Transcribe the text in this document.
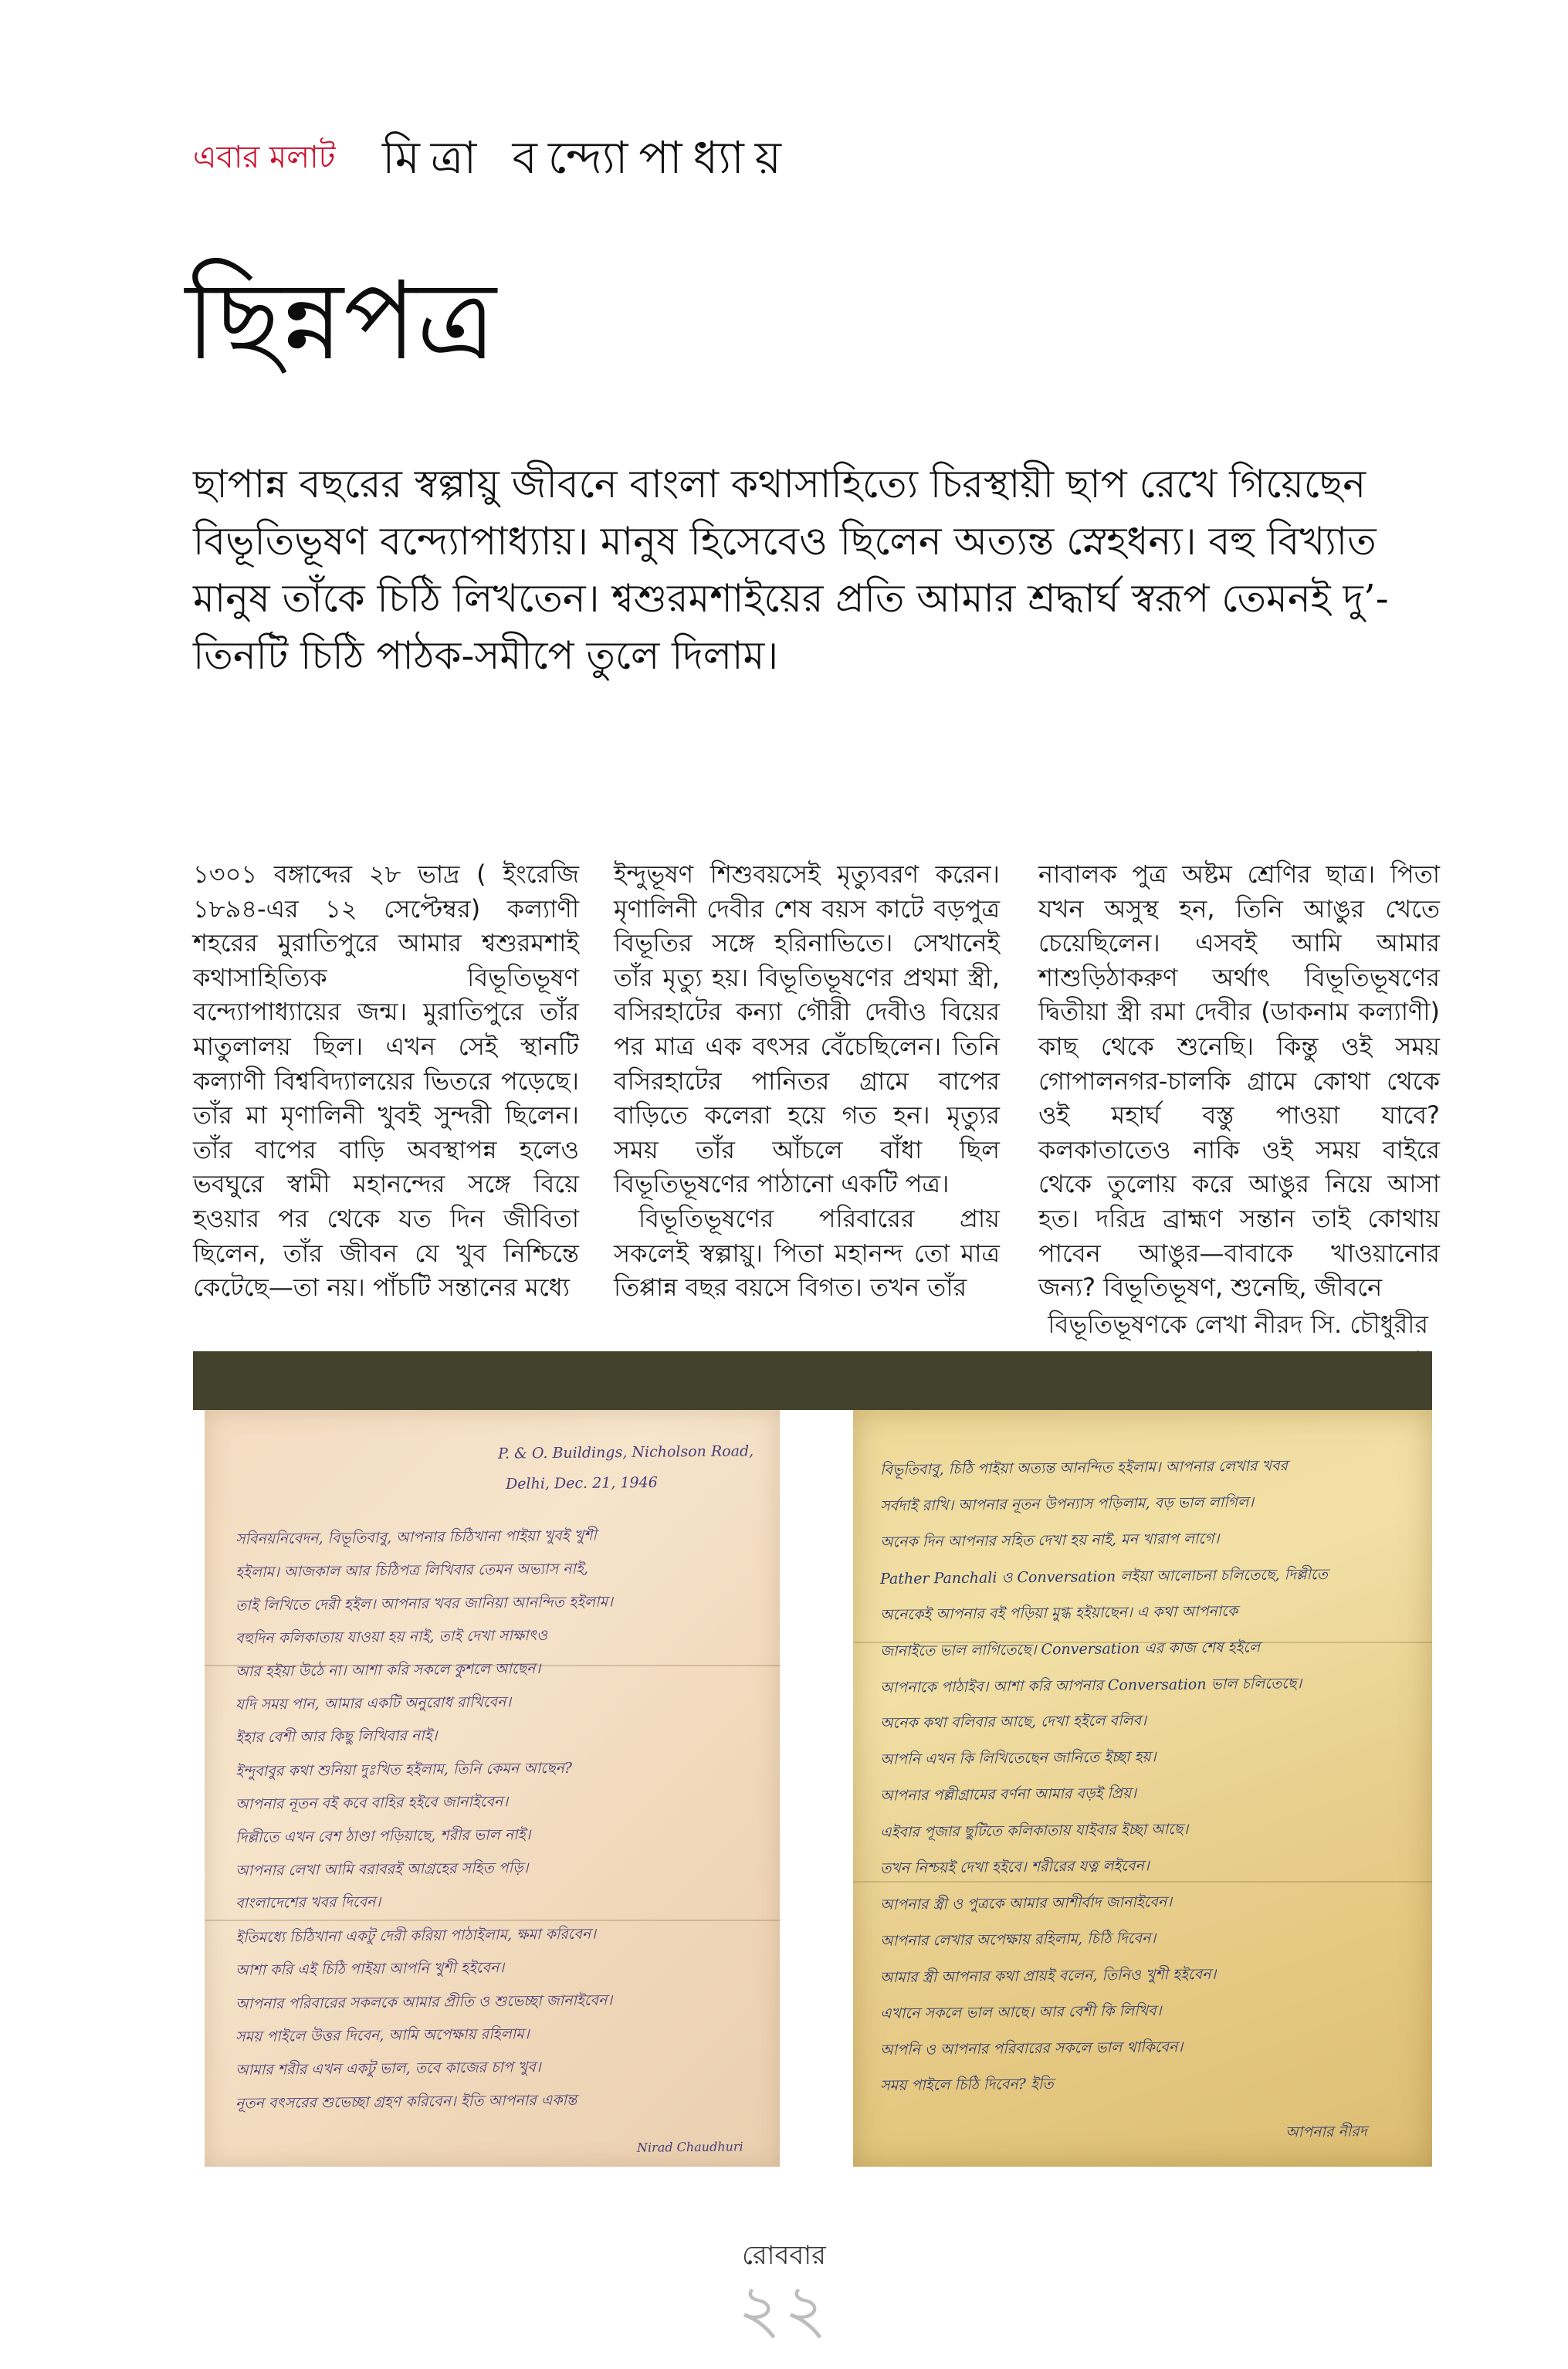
এবার মলাট মিত্রা বন্দ্যোপাধ্যায়
ছিন্নপত্র
ছাপান্ন বছরের স্বল্পায়ু জীবনে বাংলা কথাসাহিত্যে চিরস্থায়ী ছাপ রেখে গিয়েছেন বিভূতিভূষণ বন্দ্যোপাধ্যায়। মানুষ হিসেবেও ছিলেন অত্যন্ত স্নেহধন্য। বহু বিখ্যাত মানুষ তাঁকে চিঠি লিখতেন। শ্বশুরমশাইয়ের প্রতি আমার শ্রদ্ধার্ঘ স্বরূপ তেমনই দু’-তিনটি চিঠি পাঠক-সমীপে তুলে দিলাম।

১৩০১ বঙ্গাব্দের ২৮ ভাদ্র ( ইংরেজি ১৮৯৪-এর ১২ সেপ্টেম্বর) কল্যাণী শহরের মুরাতিপুরে আমার শ্বশুরমশাই কথাসাহিত্যিক বিভূতিভূষণ বন্দ্যোপাধ্যায়ের জন্ম। মুরাতিপুরে তাঁর মাতুলালয় ছিল। এখন সেই স্থানটি কল্যাণী বিশ্ববিদ্যালয়ের ভিতরে পড়েছে। তাঁর মা মৃণালিনী খুবই সুন্দরী ছিলেন। তাঁর বাপের বাড়ি অবস্থাপন্ন হলেও ভবঘুরে স্বামী মহানন্দের সঙ্গে বিয়ে হওয়ার পর থেকে যত দিন জীবিতা ছিলেন, তাঁর জীবন যে খুব নিশ্চিন্তে কেটেছে—তা নয়। পাঁচটি সন্তানের মধ্যে

ইন্দুভূষণ শিশুবয়সেই মৃত্যুবরণ করেন। মৃণালিনী দেবীর শেষ বয়স কাটে বড়পুত্র বিভূতির সঙ্গে হরিনাভিতে। সেখানেই তাঁর মৃত্যু হয়। বিভূতিভূষণের প্রথমা স্ত্রী, বসিরহাটের কন্যা গৌরী দেবীও বিয়ের পর মাত্র এক বৎসর বেঁচেছিলেন। তিনি বসিরহাটের পানিতর গ্রামে বাপের বাড়িতে কলেরা হয়ে গত হন। মৃত্যুর সময় তাঁর আঁচলে বাঁধা ছিল বিভূতিভূষণের পাঠানো একটি পত্র।

বিভূতিভূষণের পরিবারের প্রায় সকলেই স্বল্পায়ু। পিতা মহানন্দ তো মাত্র তিপ্পান্ন বছর বয়সে বিগত। তখন তাঁর

নাবালক পুত্র অষ্টম শ্রেণির ছাত্র। পিতা যখন অসুস্থ হন, তিনি আঙুর খেতে চেয়েছিলেন। এসবই আমি আমার শাশুড়িঠাকরুণ অর্থাৎ বিভূতিভূষণের দ্বিতীয়া স্ত্রী রমা দেবীর (ডাকনাম কল্যাণী) কাছ থেকে শুনেছি। কিন্তু ওই সময় গোপালনগর-চালকি গ্রামে কোথা থেকে ওই মহার্ঘ বস্তু পাওয়া যাবে? কলকাতাতেও নাকি ওই সময় বাইরে থেকে তুলোয় করে আঙুর নিয়ে আসা হত। দরিদ্র ব্রাহ্মণ সন্তান তাই কোথায় পাবেন আঙুর—বাবাকে খাওয়ানোর জন্য? বিভূতিভূষণ, শুনেছি, জীবনে

বিভূতিভূষণকে লেখা নীরদ সি. চৌধুরীর
P. & O. Buildings, Nicholson Road,
Delhi, Dec. 21, 1946
সবিনয়নিবেদন, বিভূতিবাবু, আপনার চিঠিখানা পাইয়া খুবই খুশী
হইলাম। আজকাল আর চিঠিপত্র লিখিবার তেমন অভ্যাস নাই,
তাই লিখিতে দেরী হইল। আপনার খবর জানিয়া আনন্দিত হইলাম।
বহুদিন কলিকাতায় যাওয়া হয় নাই, তাই দেখা সাক্ষাৎও
আর হইয়া উঠে না। আশা করি সকলে কুশলে আছেন।
যদি সময় পান, আমার একটি অনুরোধ রাখিবেন।
ইহার বেশী আর কিছু লিখিবার নাই।
ইন্দুবাবুর কথা শুনিয়া দুঃখিত হইলাম, তিনি কেমন আছেন?
আপনার নূতন বই কবে বাহির হইবে জানাইবেন।
দিল্লীতে এখন বেশ ঠাণ্ডা পড়িয়াছে, শরীর ভাল নাই।
আপনার লেখা আমি বরাবরই আগ্রহের সহিত পড়ি।
বাংলাদেশের খবর দিবেন।
ইতিমধ্যে চিঠিখানা একটু দেরী করিয়া পাঠাইলাম, ক্ষমা করিবেন।
আশা করি এই চিঠি পাইয়া আপনি খুশী হইবেন।
আপনার পরিবারের সকলকে আমার প্রীতি ও শুভেচ্ছা জানাইবেন।
সময় পাইলে উত্তর দিবেন, আমি অপেক্ষায় রহিলাম।
আমার শরীর এখন একটু ভাল, তবে কাজের চাপ খুব।
নূতন বৎসরের শুভেচ্ছা গ্রহণ করিবেন। ইতি আপনার একান্ত
Nirad Chaudhuri
বিভূতিবাবু, চিঠি পাইয়া অত্যন্ত আনন্দিত হইলাম। আপনার লেখার খবর
সর্বদাই রাখি। আপনার নূতন উপন্যাস পড়িলাম, বড় ভাল লাগিল।
অনেক দিন আপনার সহিত দেখা হয় নাই, মন খারাপ লাগে।
Pather Panchali ও Conversation লইয়া আলোচনা চলিতেছে, দিল্লীতে
অনেকেই আপনার বই পড়িয়া মুগ্ধ হইয়াছেন। এ কথা আপনাকে
জানাইতে ভাল লাগিতেছে। Conversation এর কাজ শেষ হইলে
আপনাকে পাঠাইব। আশা করি আপনার Conversation ভাল চলিতেছে।
অনেক কথা বলিবার আছে, দেখা হইলে বলিব।
আপনি এখন কি লিখিতেছেন জানিতে ইচ্ছা হয়।
আপনার পল্লীগ্রামের বর্ণনা আমার বড়ই প্রিয়।
এইবার পূজার ছুটিতে কলিকাতায় যাইবার ইচ্ছা আছে।
তখন নিশ্চয়ই দেখা হইবে। শরীরের যত্ন লইবেন।
আপনার স্ত্রী ও পুত্রকে আমার আশীর্বাদ জানাইবেন।
আপনার লেখার অপেক্ষায় রহিলাম, চিঠি দিবেন।
আমার স্ত্রী আপনার কথা প্রায়ই বলেন, তিনিও খুশী হইবেন।
এখানে সকলে ভাল আছে। আর বেশী কি লিখিব।
আপনি ও আপনার পরিবারের সকলে ভাল থাকিবেন।
সময় পাইলে চিঠি দিবেন? ইতি
আপনার নীরদ
রোববার
২২
